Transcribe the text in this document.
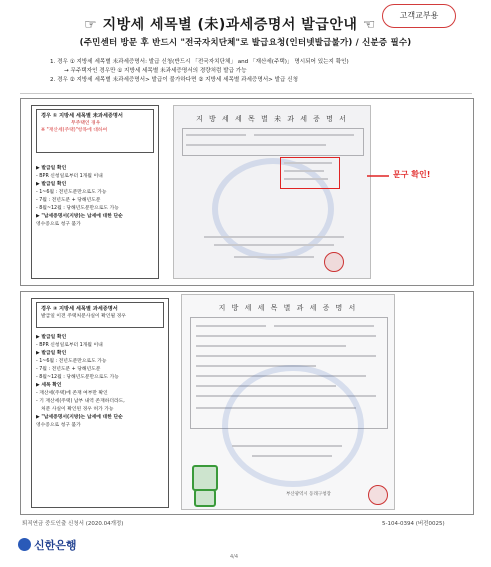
고객교부용
☞ 지방세 세목별 (未)과세증명서 발급안내 ☜
(주민센터 방문 후 반드시 "전국자치단체"로 발급요청(인터넷발급불가) / 신분증 필수)
1. 경우 ① 지방세 세목별 未과세증명서: 발급 신청(반드시 「전국자치단체」 and 「재산세(주택)」 명시되어 있는지 확인)
→ 무주택자인 경우만 ① 지방세 세목별 未과세증명서의 경량처럼 발급 가능
2. 경우 ② 지방세 세목별 未과세증명서> 발급이 불가하다면 ② 지방세 세목별 과세증명서> 발급 신청
경우 ① 지방세 세목별 未과세증명서
무주택인 경우
※ "재산세(주택)"항목에 대하여
▶ 발급일 확인
- BPR 신청일로부터 1개월 이내
▶ 발급일 확인
- 1~6월 : 전년도분만으로도 가능
- 7월 : 전년도분 + 당해년도분
- 8월~12월 : 당해년도분만으로도 가능
▶ "납세증명서(지방)는 납세에 대한 단순
영수증으로 청구 불가
지 방 세 세 목 별 未 과 세 증 명 서
문구 확인!
경우 ② 지방세 세목별 과세증명서
발급일 이전 주택처분사실이 확인될 경우
▶ 발급일 확인
- BPR 신청일로부터 1개월 이내
▶ 발급일 확인
- 1~6월 : 전년도분만으로도 가능
- 7월 : 전년도분 + 당해년도분
- 8월~12월 : 당해년도분만으로도 가능
▶ 세목 확인
- 재산세(주택)에 존재 여부만 확인
- 기 재산세(주택) 납부 내역 존재하더라도,
처분 사실이 확인된 경우 허가 가능
▶ "납세증명서(지방)는 납세에 대한 단순
영수증으로 청구 불가
지 방 세 세 목 별 과 세 증 명 서
부산광역시 동래구청장
퇴직연금 중도인출 신청서 (2020.04개정)	5-104-0394 (버전0025)
신한은행
4/4
